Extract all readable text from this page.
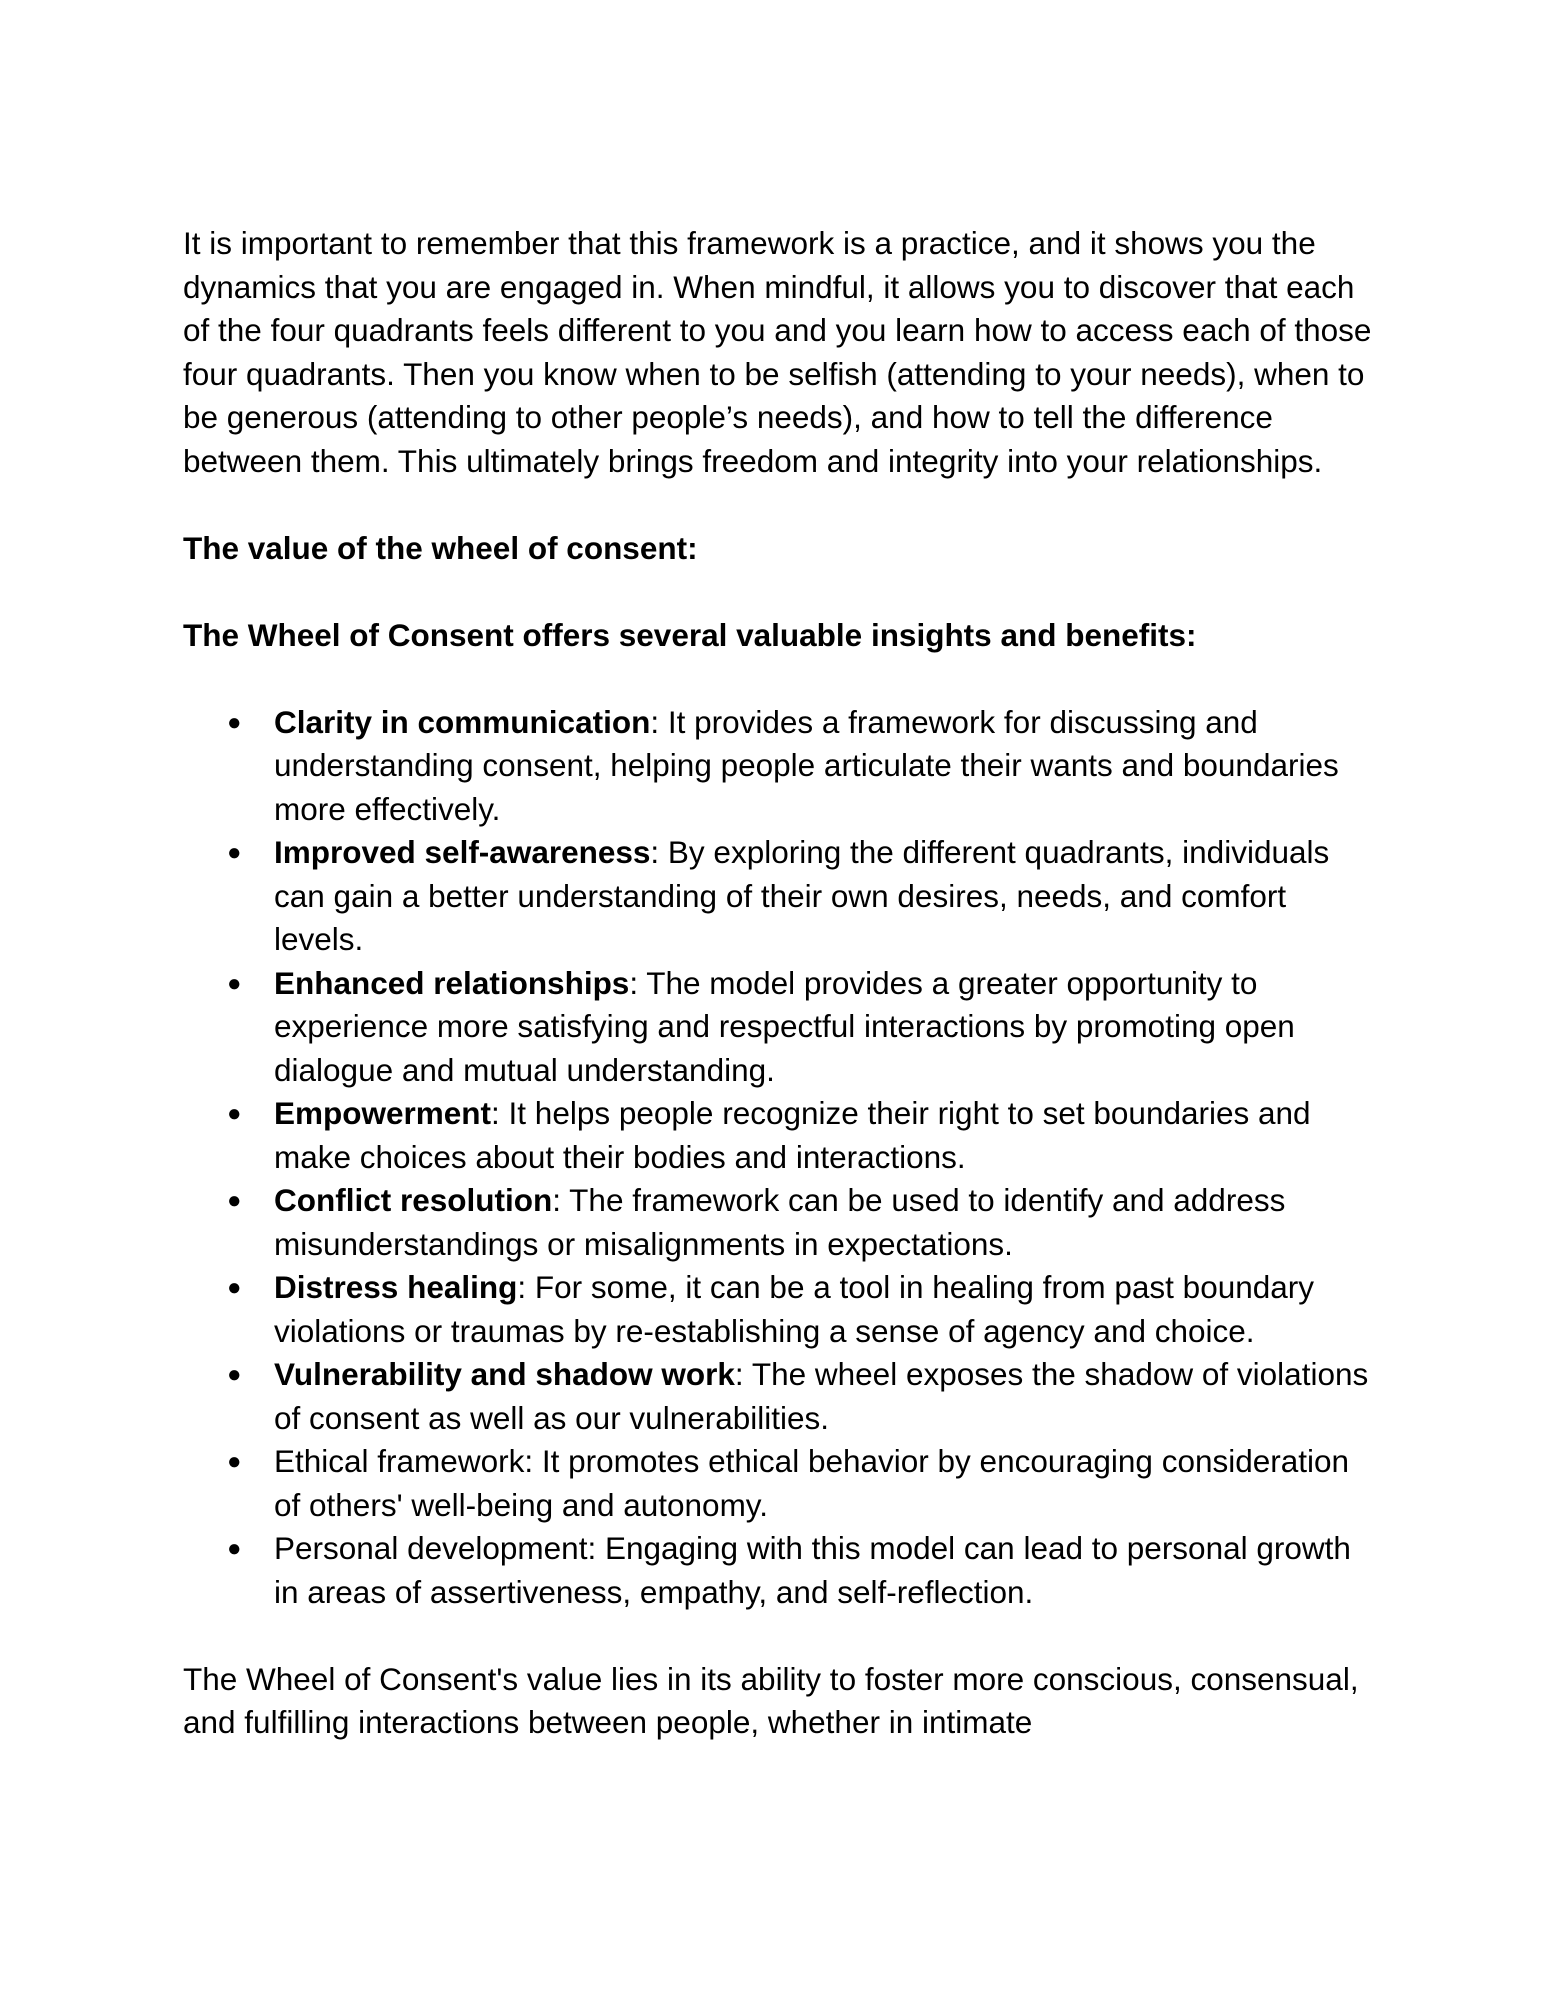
It is important to remember that this framework is a practice, and it shows you the dynamics that you are engaged in. When mindful, it allows you to discover that each of the four quadrants feels different to you and you learn how to access each of those four quadrants. Then you know when to be selfish (attending to your needs), when to be generous (attending to other people’s needs), and how to tell the difference between them. This ultimately brings freedom and integrity into your relationships.

The value of the wheel of consent:

The Wheel of Consent offers several valuable insights and benefits:

● Clarity in communication: It provides a framework for discussing and understanding consent, helping people articulate their wants and boundaries more effectively.
● Improved self-awareness: By exploring the different quadrants, individuals can gain a better understanding of their own desires, needs, and comfort levels.
● Enhanced relationships: The model provides a greater opportunity to experience more satisfying and respectful interactions by promoting open dialogue and mutual understanding.
● Empowerment: It helps people recognize their right to set boundaries and make choices about their bodies and interactions.
● Conflict resolution: The framework can be used to identify and address misunderstandings or misalignments in expectations.
● Distress healing: For some, it can be a tool in healing from past boundary violations or traumas by re-establishing a sense of agency and choice.
● Vulnerability and shadow work: The wheel exposes the shadow of violations of consent as well as our vulnerabilities.
● Ethical framework: It promotes ethical behavior by encouraging consideration of others' well-being and autonomy.
● Personal development: Engaging with this model can lead to personal growth in areas of assertiveness, empathy, and self-reflection.

The Wheel of Consent's value lies in its ability to foster more conscious, consensual, and fulfilling interactions between people, whether in intimate
